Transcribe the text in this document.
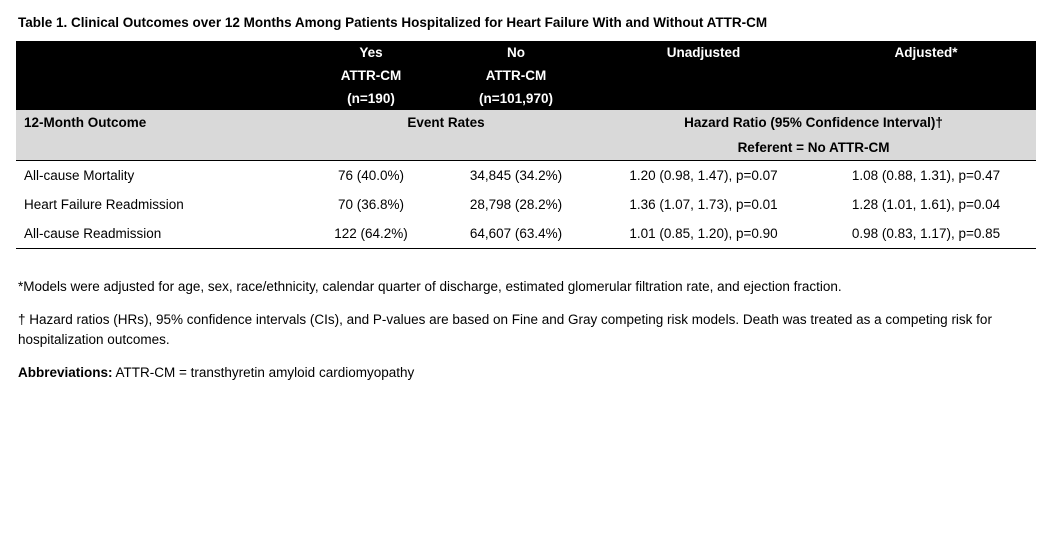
Table 1. Clinical Outcomes over 12 Months Among Patients Hospitalized for Heart Failure With and Without ATTR-CM
	Yes	No	Unadjusted	Adjusted*
	ATTR-CM	ATTR-CM		
	(n=190)	(n=101,970)		
12-Month Outcome	Event Rates		Hazard Ratio (95% Confidence Interval)†	
			Referent = No ATTR-CM	
All-cause Mortality	76 (40.0%)	34,845 (34.2%)	1.20 (0.98, 1.47), p=0.07	1.08 (0.88, 1.31), p=0.47
Heart Failure Readmission	70 (36.8%)	28,798 (28.2%)	1.36 (1.07, 1.73), p=0.01	1.28 (1.01, 1.61), p=0.04
All-cause Readmission	122 (64.2%)	64,607 (63.4%)	1.01 (0.85, 1.20), p=0.90	0.98 (0.83, 1.17), p=0.85

*Models were adjusted for age, sex, race/ethnicity, calendar quarter of discharge, estimated glomerular filtration rate, and ejection fraction.

† Hazard ratios (HRs), 95% confidence intervals (CIs), and P-values are based on Fine and Gray competing risk models. Death was treated as a competing risk for hospitalization outcomes.

Abbreviations: ATTR-CM = transthyretin amyloid cardiomyopathy
